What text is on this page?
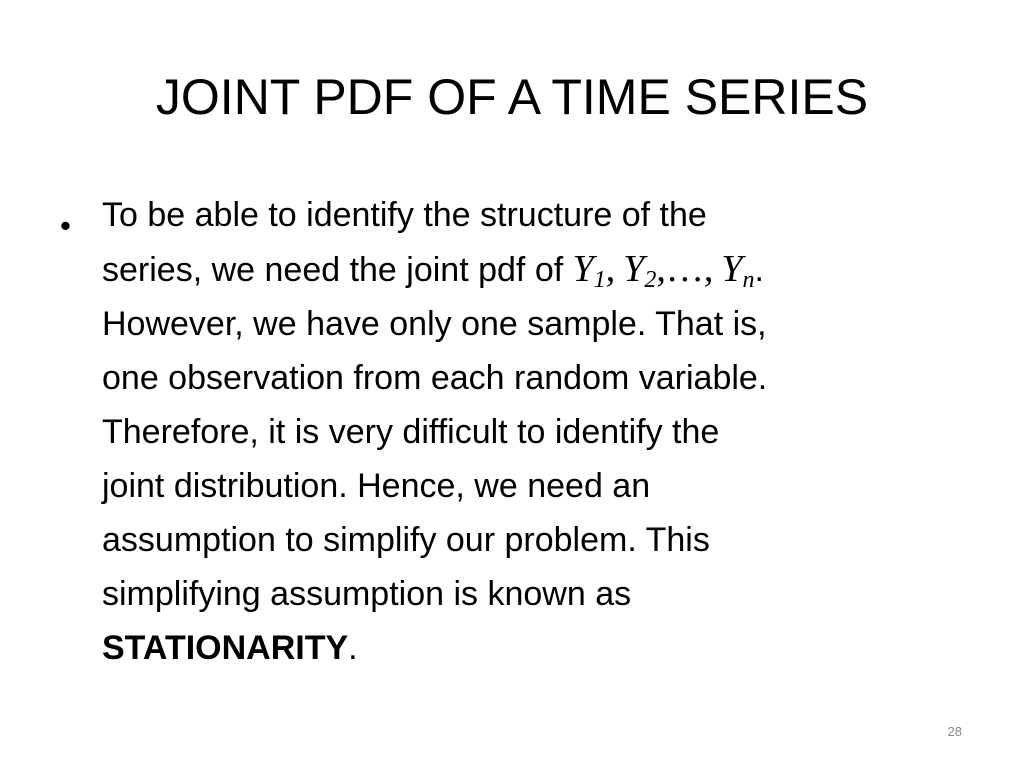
JOINT PDF OF A TIME SERIES
• To be able to identify the structure of the
series, we need the joint pdf of $Y_1$, $Y_2,\dots$, $Y_n$.
However, we have only one sample. That is,
one observation from each random variable.
Therefore, it is very difficult to identify the
joint distribution. Hence, we need an
assumption to simplify our problem. This
simplifying assumption is known as
STATIONARITY.
28
